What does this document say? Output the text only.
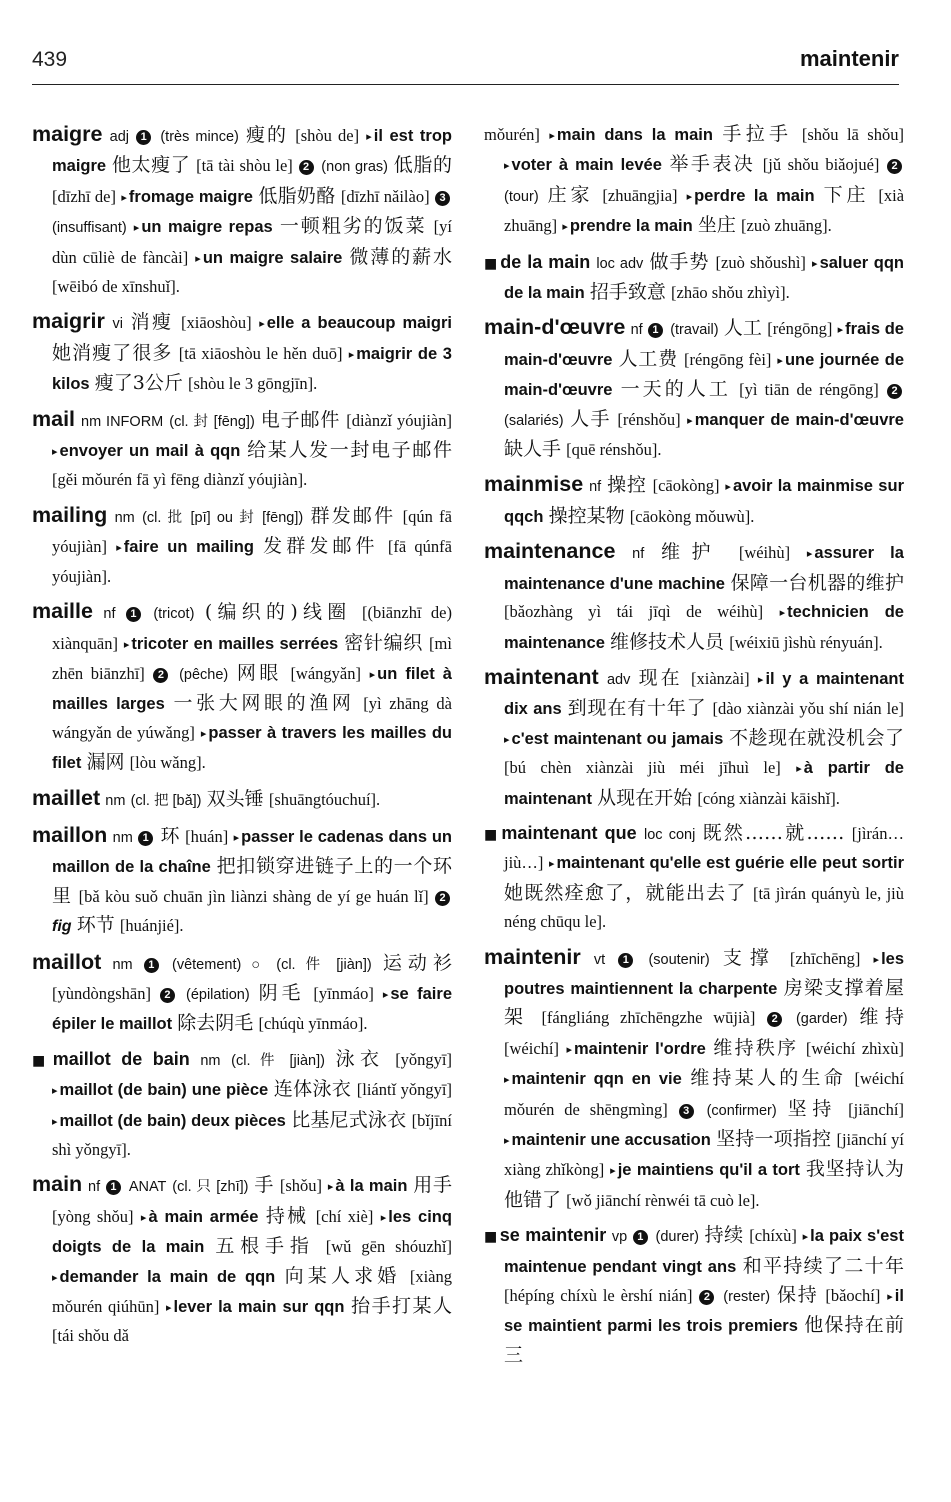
439	maintenir

maigre adj 1 (très mince) 瘦的 [shòu de] ▸ il est trop maigre 他太瘦了 [tā tài shòu le] 2 (non gras) 低脂的 [dīzhī de] ▸ fromage maigre 低脂奶酪 [dīzhī nǎilào] 3 (insuffisant) ▸ un maigre repas 一顿粗劣的饭菜 [yí dùn cūliè de fàncài] ▸ un maigre salaire 微薄的薪水 [wēibó de xīnshuǐ].

maigrir vi 消瘦 [xiāoshòu] ▸ elle a beaucoup maigri 她消瘦了很多 [tā xiāoshòu le hěn duō] ▸ maigrir de 3 kilos 瘦了3公斤 [shòu le 3 gōngjīn].

mail nm INFORM (cl. 封 [fēng]) 电子邮件 [diànzǐ yóujiàn] ▸ envoyer un mail à qqn 给某人发一封电子邮件 [gěi mǒurén fā yì fēng diànzǐ yóujiàn].

mailing nm (cl. 批 [pī] ou 封 [fēng]) 群发邮件 [qún fā yóujiàn] ▸ faire un mailing 发群发邮件 [fā qúnfā yóujiàn].

maille nf 1 (tricot) (编织的)线圈 [(biānzhī de) xiànquān] ▸ tricoter en mailles serrées 密针编织 [mì zhēn biānzhī] 2 (pêche) 网眼 [wángyǎn] ▸ un filet à mailles larges 一张大网眼的渔网 [yì zhāng dà wángyǎn de yúwǎng] ▸ passer à travers les mailles du filet 漏网 [lòu wǎng].

maillet nm (cl. 把 [bǎ]) 双头锤 [shuāngtóuchuí].

maillon nm 1 环 [huán] ▸ passer le cadenas dans un maillon de la chaîne 把扣锁穿进链子上的一个环里 [bǎ kòu suǒ chuān jìn liànzi shàng de yí ge huán lǐ] 2 fig 环节 [huánjié].

maillot nm 1 (vêtement) ○ (cl. 件 [jiàn]) 运动衫 [yùndòngshān] 2 (épilation) 阴毛 [yīnmáo] ▸ se faire épiler le maillot 除去阴毛 [chúqù yīnmáo].

■ maillot de bain nm (cl. 件 [jiàn]) 泳衣 [yǒngyī] ▸ maillot (de bain) une pièce 连体泳衣 [liántǐ yǒngyī] ▸ maillot (de bain) deux pièces 比基尼式泳衣 [bǐjīní shì yǒngyī].

main nf 1 ANAT (cl. 只 [zhī]) 手 [shǒu] ▸ à la main 用手 [yòng shǒu] ▸ à main armée 持械 [chí xiè] ▸ les cinq doigts de la main 五根手指 [wǔ gēn shóuzhǐ] ▸ demander la main de qqn 向某人求婚 [xiàng mǒurén qiúhūn] ▸ lever la main sur qqn 抬手打某人 [tái shǒu dǎ

mǒurén] ▸ main dans la main 手拉手 [shǒu lā shǒu] ▸ voter à main levée 举手表决 [jǔ shǒu biǎojué] 2 (tour) 庄家 [zhuāngjia] ▸ perdre la main 下庄 [xià zhuāng] ▸ prendre la main 坐庄 [zuò zhuāng].

■ de la main loc adv 做手势 [zuò shǒushì] ▸ saluer qqn de la main 招手致意 [zhāo shǒu zhìyì].

main-d'œuvre nf 1 (travail) 人工 [réngōng] ▸ frais de main-d'œuvre 人工费 [réngōng fèi] ▸ une journée de main-d'œuvre 一天的人工 [yì tiān de réngōng] 2 (salariés) 人手 [rénshǒu] ▸ manquer de main-d'œuvre 缺人手 [quē rénshǒu].

mainmise nf 操控 [cāokòng] ▸ avoir la mainmise sur qqch 操控某物 [cāokòng mǒuwù].

maintenance nf 维护 [wéihù] ▸ assurer la maintenance d'une machine 保障一台机器的维护 [bǎozhàng yì tái jīqì de wéihù] ▸ technicien de maintenance 维修技术人员 [wéixiū jìshù rényuán].

maintenant adv 现在 [xiànzài] ▸ il y a maintenant dix ans 到现在有十年了 [dào xiànzài yǒu shí nián le] ▸ c'est maintenant ou jamais 不趁现在就没机会了 [bú chèn xiànzài jiù méi jīhuì le] ▸ à partir de maintenant 从现在开始 [cóng xiànzài kāishǐ].

■ maintenant que loc conj 既然……就…… [jìrán… jiù…] ▸ maintenant qu'elle est guérie elle peut sortir 她既然痊愈了，就能出去了 [tā jìrán quányù le, jiù néng chūqu le].

maintenir vt 1 (soutenir) 支撑 [zhīchēng] ▸ les poutres maintiennent la charpente 房梁支撑着屋架 [fángliáng zhīchēngzhe wūjià] 2 (garder) 维持 [wéichí] ▸ maintenir l'ordre 维持秩序 [wéichí zhìxù] ▸ maintenir qqn en vie 维持某人的生命 [wéichí mǒurén de shēngmìng] 3 (confirmer) 坚持 [jiānchí] ▸ maintenir une accusation 坚持一项指控 [jiānchí yí xiàng zhǐkòng] ▸ je maintiens qu'il a tort 我坚持认为他错了 [wǒ jiānchí rènwéi tā cuò le].

■ se maintenir vp 1 (durer) 持续 [chíxù] ▸ la paix s'est maintenue pendant vingt ans 和平持续了二十年 [hépíng chíxù le èrshí nián] 2 (rester) 保持 [bǎochí] ▸ il se maintient parmi les trois premiers 他保持在前三
